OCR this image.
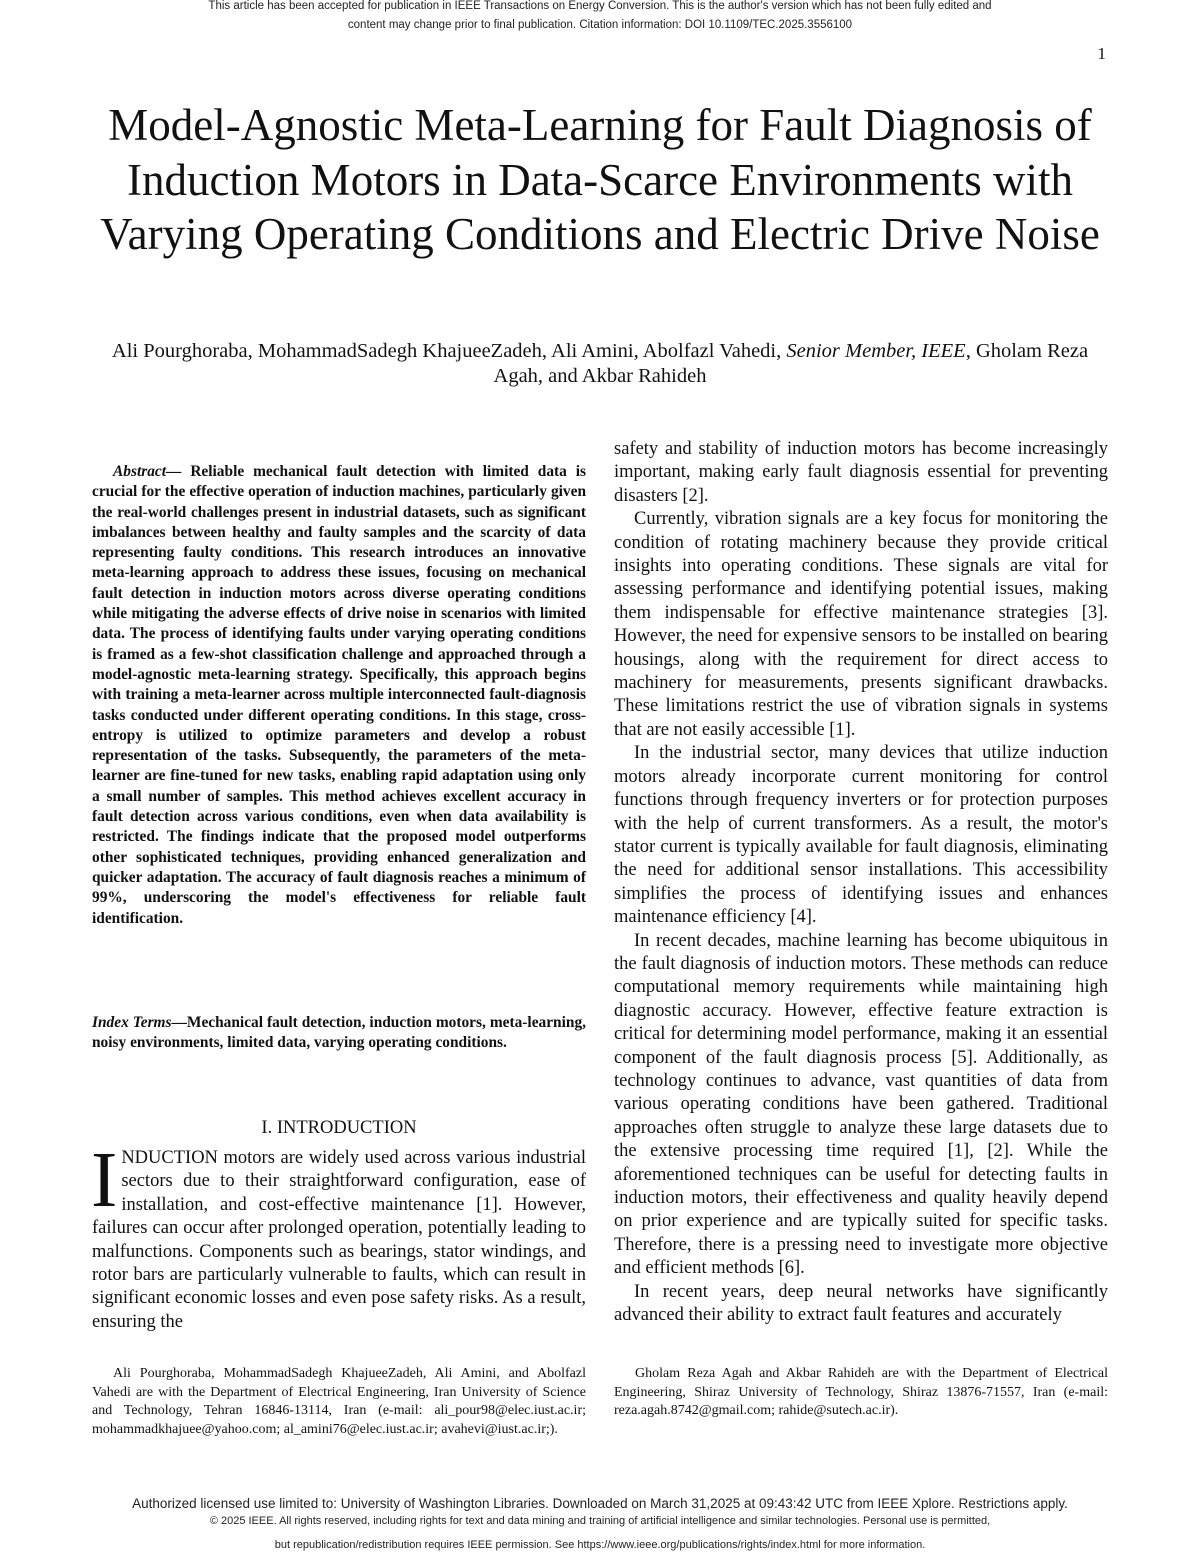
This article has been accepted for publication in IEEE Transactions on Energy Conversion. This is the author's version which has not been fully edited and
content may change prior to final publication. Citation information: DOI 10.1109/TEC.2025.3556100
1
Model-Agnostic Meta-Learning for Fault Diagnosis of Induction Motors in Data-Scarce Environments with Varying Operating Conditions and Electric Drive Noise
Ali Pourghoraba, MohammadSadegh KhajueeZadeh, Ali Amini, Abolfazl Vahedi, Senior Member, IEEE, Gholam Reza Agah, and Akbar Rahideh

Abstract— Reliable mechanical fault detection with limited data is crucial for the effective operation of induction machines, particularly given the real-world challenges present in industrial datasets, such as significant imbalances between healthy and faulty samples and the scarcity of data representing faulty conditions. This research introduces an innovative meta-learning approach to address these issues, focusing on mechanical fault detection in induction motors across diverse operating conditions while mitigating the adverse effects of drive noise in scenarios with limited data. The process of identifying faults under varying operating conditions is framed as a few-shot classification challenge and approached through a model-agnostic meta-learning strategy. Specifically, this approach begins with training a meta-learner across multiple interconnected fault-diagnosis tasks conducted under different operating conditions. In this stage, cross-entropy is utilized to optimize parameters and develop a robust representation of the tasks. Subsequently, the parameters of the meta-learner are fine-tuned for new tasks, enabling rapid adaptation using only a small number of samples. This method achieves excellent accuracy in fault detection across various conditions, even when data availability is restricted. The findings indicate that the proposed model outperforms other sophisticated techniques, providing enhanced generalization and quicker adaptation. The accuracy of fault diagnosis reaches a minimum of 99%, underscoring the model's effectiveness for reliable fault identification.

Index Terms—Mechanical fault detection, induction motors, meta-learning, noisy environments, limited data, varying operating conditions.

I. INTRODUCTION

INDUCTION motors are widely used across various industrial sectors due to their straightforward configuration, ease of installation, and cost-effective maintenance [1]. However, failures can occur after prolonged operation, potentially leading to malfunctions. Components such as bearings, stator windings, and rotor bars are particularly vulnerable to faults, which can result in significant economic losses and even pose safety risks. As a result, ensuring the

safety and stability of induction motors has become increasingly important, making early fault diagnosis essential for preventing disasters [2].

Currently, vibration signals are a key focus for monitoring the condition of rotating machinery because they provide critical insights into operating conditions. These signals are vital for assessing performance and identifying potential issues, making them indispensable for effective maintenance strategies [3]. However, the need for expensive sensors to be installed on bearing housings, along with the requirement for direct access to machinery for measurements, presents significant drawbacks. These limitations restrict the use of vibration signals in systems that are not easily accessible [1].

In the industrial sector, many devices that utilize induction motors already incorporate current monitoring for control functions through frequency inverters or for protection purposes with the help of current transformers. As a result, the motor's stator current is typically available for fault diagnosis, eliminating the need for additional sensor installations. This accessibility simplifies the process of identifying issues and enhances maintenance efficiency [4].

In recent decades, machine learning has become ubiquitous in the fault diagnosis of induction motors. These methods can reduce computational memory requirements while maintaining high diagnostic accuracy. However, effective feature extraction is critical for determining model performance, making it an essential component of the fault diagnosis process [5]. Additionally, as technology continues to advance, vast quantities of data from various operating conditions have been gathered. Traditional approaches often struggle to analyze these large datasets due to the extensive processing time required [1], [2]. While the aforementioned techniques can be useful for detecting faults in induction motors, their effectiveness and quality heavily depend on prior experience and are typically suited for specific tasks. Therefore, there is a pressing need to investigate more objective and efficient methods [6].

In recent years, deep neural networks have significantly advanced their ability to extract fault features and accurately

Ali Pourghoraba, MohammadSadegh KhajueeZadeh, Ali Amini, and Abolfazl Vahedi are with the Department of Electrical Engineering, Iran University of Science and Technology, Tehran 16846-13114, Iran (e-mail: ali_pour98@elec.iust.ac.ir; mohammadkhajuee@yahoo.com; al_amini76@elec.iust.ac.ir; avahevi@iust.ac.ir;).

Gholam Reza Agah and Akbar Rahideh are with the Department of Electrical Engineering, Shiraz University of Technology, Shiraz 13876-71557, Iran (e-mail: reza.agah.8742@gmail.com; rahide@sutech.ac.ir).

Authorized licensed use limited to: University of Washington Libraries. Downloaded on March 31,2025 at 09:43:42 UTC from IEEE Xplore. Restrictions apply.
© 2025 IEEE. All rights reserved, including rights for text and data mining and training of artificial intelligence and similar technologies. Personal use is permitted,
but republication/redistribution requires IEEE permission. See https://www.ieee.org/publications/rights/index.html for more information.
